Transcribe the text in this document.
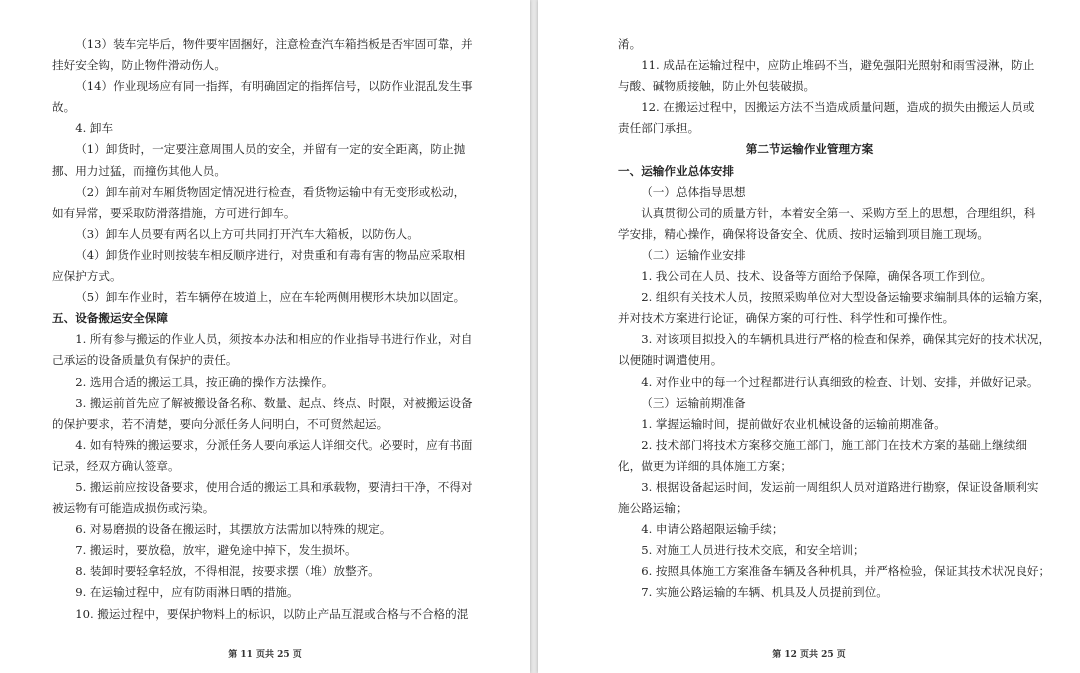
（13）装车完毕后，物件要牢固捆好，注意检查汽车箱挡板是否牢固可靠，并
挂好安全钩，防止物件滑动伤人。
（14）作业现场应有同一指挥，有明确固定的指挥信号，以防作业混乱发生事
故。
4. 卸车
（1）卸货时，一定要注意周围人员的安全，并留有一定的安全距离，防止抛
挪、用力过猛，而撞伤其他人员。
（2）卸车前对车厢货物固定情况进行检查，看货物运输中有无变形或松动，
如有异常，要采取防滑落措施，方可进行卸车。
（3）卸车人员要有两名以上方可共同打开汽车大箱板，以防伤人。
（4）卸货作业时则按装车相反顺序进行，对贵重和有毒有害的物品应采取相
应保护方式。
（5）卸车作业时，若车辆停在坡道上，应在车轮两侧用楔形木块加以固定。
五、设备搬运安全保障
1. 所有参与搬运的作业人员，须按本办法和相应的作业指导书进行作业，对自
己承运的设备质量负有保护的责任。
2. 选用合适的搬运工具，按正确的操作方法操作。
3. 搬运前首先应了解被搬设备名称、数量、起点、终点、时限，对被搬运设备
的保护要求，若不清楚，要向分派任务人问明白，不可贸然起运。
4. 如有特殊的搬运要求，分派任务人要向承运人详细交代。必要时，应有书面
记录，经双方确认签章。
5. 搬运前应按设备要求，使用合适的搬运工具和承载物，要清扫干净，不得对
被运物有可能造成损伤或污染。
6. 对易磨损的设备在搬运时，其摆放方法需加以特殊的规定。
7. 搬运时，要放稳，放牢，避免途中掉下，发生损坏。
8. 装卸时要轻拿轻放，不得相混，按要求摆（堆）放整齐。
9. 在运输过程中，应有防雨淋日晒的措施。
10. 搬运过程中，要保护物料上的标识，以防止产品互混或合格与不合格的混
第 11 页共 25 页
淆。
11. 成品在运输过程中，应防止堆码不当，避免强阳光照射和雨雪浸淋，防止
与酸、碱物质接触，防止外包装破损。
12. 在搬运过程中，因搬运方法不当造成质量问题，造成的损失由搬运人员或
责任部门承担。
第二节运输作业管理方案
一、运输作业总体安排
（一）总体指导思想
认真贯彻公司的质量方针，本着安全第一、采购方至上的思想，合理组织，科
学安排，精心操作，确保将设备安全、优质、按时运输到项目施工现场。
（二）运输作业安排
1. 我公司在人员、技术、设备等方面给予保障，确保各项工作到位。
2. 组织有关技术人员，按照采购单位对大型设备运输要求编制具体的运输方案，
并对技术方案进行论证，确保方案的可行性、科学性和可操作性。
3. 对该项目拟投入的车辆机具进行严格的检查和保养，确保其完好的技术状况，
以便随时调遣使用。
4. 对作业中的每一个过程都进行认真细致的检查、计划、安排，并做好记录。
（三）运输前期准备
1. 掌握运输时间，提前做好农业机械设备的运输前期准备。
2. 技术部门将技术方案移交施工部门，施工部门在技术方案的基础上继续细
化，做更为详细的具体施工方案；
3. 根据设备起运时间，发运前一周组织人员对道路进行勘察，保证设备顺利实
施公路运输；
4. 申请公路超限运输手续；
5. 对施工人员进行技术交底，和安全培训；
6. 按照具体施工方案准备车辆及各种机具，并严格检验，保证其技术状况良好；
7. 实施公路运输的车辆、机具及人员提前到位。
第 12 页共 25 页
